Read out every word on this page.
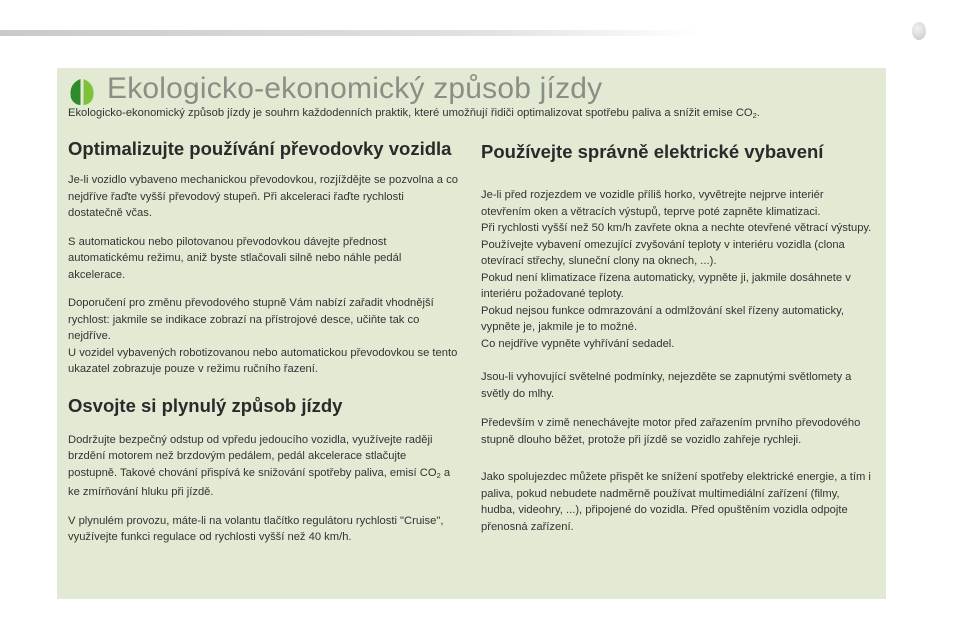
Ekologicko-ekonomický způsob jízdy
Ekologicko-ekonomický způsob jízdy je souhrn každodenních praktik, které umožňují řidiči optimalizovat spotřebu paliva a snížit emise $CO_2$.
Optimalizujte používání převodovky vozidla

Je-li vozidlo vybaveno mechanickou převodovkou, rozjíždějte se pozvolna a co nejdříve řaďte vyšší převodový stupeň. Při akceleraci řaďte rychlosti dostatečně včas.

S automatickou nebo pilotovanou převodovkou dávejte přednost automatickému režimu, aniž byste stlačovali silně nebo náhle pedál akcelerace.

Doporučení pro změnu převodového stupně Vám nabízí zařadit vhodnější rychlost: jakmile se indikace zobrazí na přístrojové desce, učiňte tak co nejdříve.

U vozidel vybavených robotizovanou nebo automatickou převodovkou se tento ukazatel zobrazuje pouze v režimu ručního řazení.

Osvojte si plynulý způsob jízdy

Dodržujte bezpečný odstup od vpředu jedoucího vozidla, využívejte raději brzdění motorem než brzdovým pedálem, pedál akcelerace stlačujte postupně. Takové chování přispívá ke snižování spotřeby paliva, emisí $CO_2$ a ke zmírňování hluku při jízdě.

V plynulém provozu, máte-li na volantu tlačítko regulátoru rychlosti "Cruise", využívejte funkci regulace od rychlosti vyšší než 40 km/h.

Používejte správně elektrické vybavení

Je-li před rozjezdem ve vozidle příliš horko, vyvětrejte nejprve interiér otevřením oken a větracích výstupů, teprve poté zapněte klimatizaci.

Při rychlosti vyšší než 50 km/h zavřete okna a nechte otevřené větrací výstupy.

Používejte vybavení omezující zvyšování teploty v interiéru vozidla (clona otevírací střechy, sluneční clony na oknech, ...).

Pokud není klimatizace řízena automaticky, vypněte ji, jakmile dosáhnete v interiéru požadované teploty.

Pokud nejsou funkce odmrazování a odmlžování skel řízeny automaticky, vypněte je, jakmile je to možné.

Co nejdříve vypněte vyhřívání sedadel.

Jsou-li vyhovující světelné podmínky, nejezděte se zapnutými světlomety a světly do mlhy.

Především v zimě nenechávejte motor před zařazením prvního převodového stupně dlouho běžet, protože při jízdě se vozidlo zahřeje rychleji.

Jako spolujezdec můžete přispět ke snížení spotřeby elektrické energie, a tím i paliva, pokud nebudete nadměrně používat multimediální zařízení (filmy, hudba, videohry, ...), připojené do vozidla. Před opuštěním vozidla odpojte přenosná zařízení.
